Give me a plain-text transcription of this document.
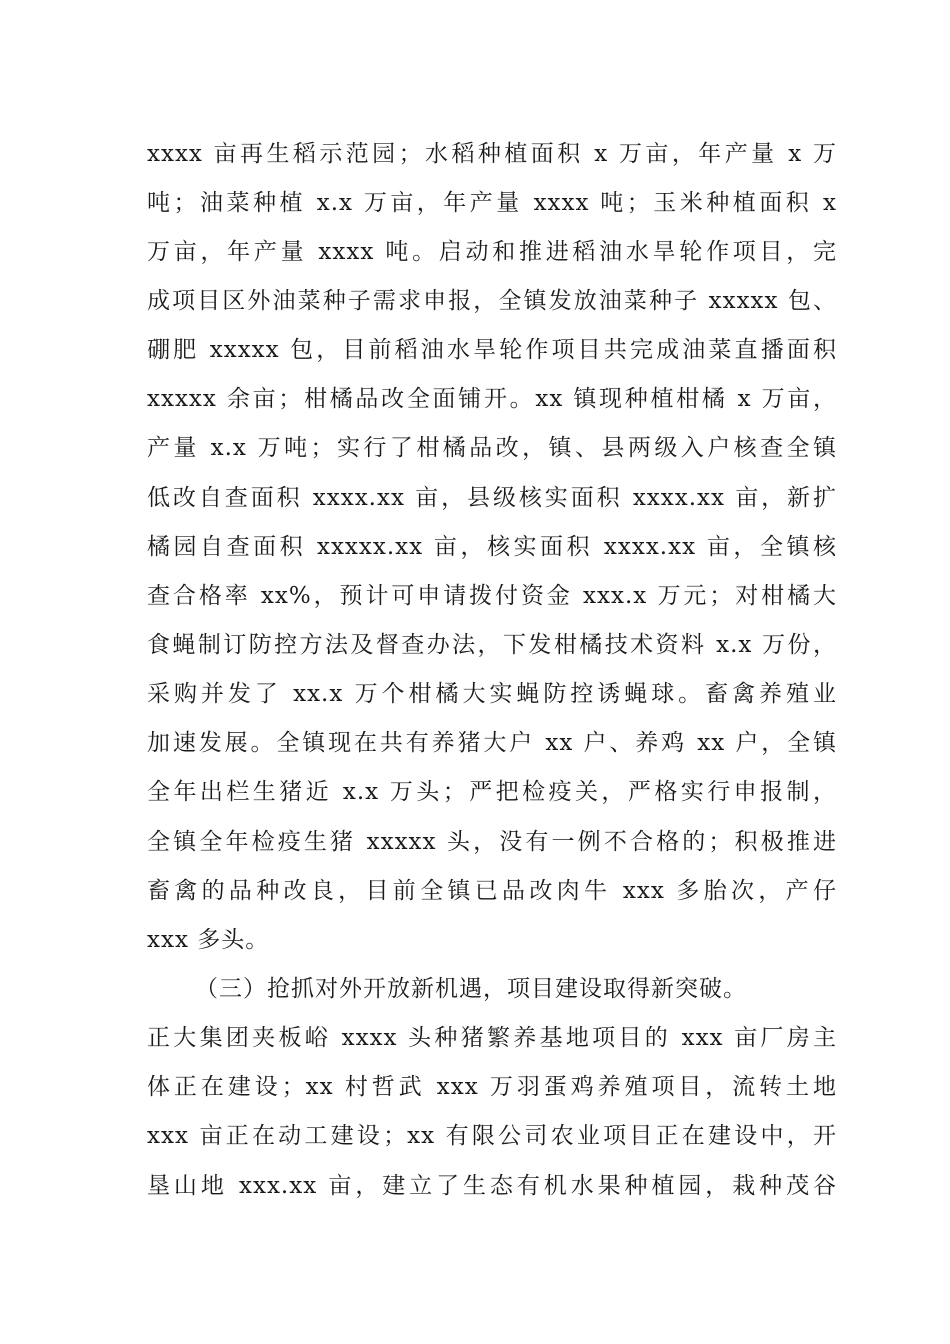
xxxx 亩再生稻示范园；水稻种植面积 x 万亩，年产量 x 万
吨；油菜种植 x.x 万亩，年产量 xxxx 吨；玉米种植面积 x
万亩，年产量 xxxx 吨。启动和推进稻油水旱轮作项目，完
成项目区外油菜种子需求申报，全镇发放油菜种子 xxxxx 包、
硼肥 xxxxx 包，目前稻油水旱轮作项目共完成油菜直播面积
xxxxx 余亩；柑橘品改全面铺开。xx 镇现种植柑橘 x 万亩，
产量 x.x 万吨；实行了柑橘品改，镇、县两级入户核查全镇
低改自查面积 xxxx.xx 亩，县级核实面积 xxxx.xx 亩，新扩
橘园自查面积 xxxxx.xx 亩，核实面积 xxxx.xx 亩，全镇核
查合格率 xx%，预计可申请拨付资金 xxx.x 万元；对柑橘大
食蝇制订防控方法及督查办法，下发柑橘技术资料 x.x 万份，
采购并发了 xx.x 万个柑橘大实蝇防控诱蝇球。畜禽养殖业
加速发展。全镇现在共有养猪大户 xx 户、养鸡 xx 户，全镇
全年出栏生猪近 x.x 万头；严把检疫关，严格实行申报制，
全镇全年检疫生猪 xxxxx 头，没有一例不合格的；积极推进
畜禽的品种改良，目前全镇已品改肉牛 xxx 多胎次，产仔
xxx 多头。
（三）抢抓对外开放新机遇，项目建设取得新突破。
正大集团夹板峪 xxxx 头种猪繁养基地项目的 xxx 亩厂房主
体正在建设；xx 村哲武 xxx 万羽蛋鸡养殖项目，流转土地
xxx 亩正在动工建设；xx 有限公司农业项目正在建设中，开
垦山地 xxx.xx 亩，建立了生态有机水果种植园，栽种茂谷
